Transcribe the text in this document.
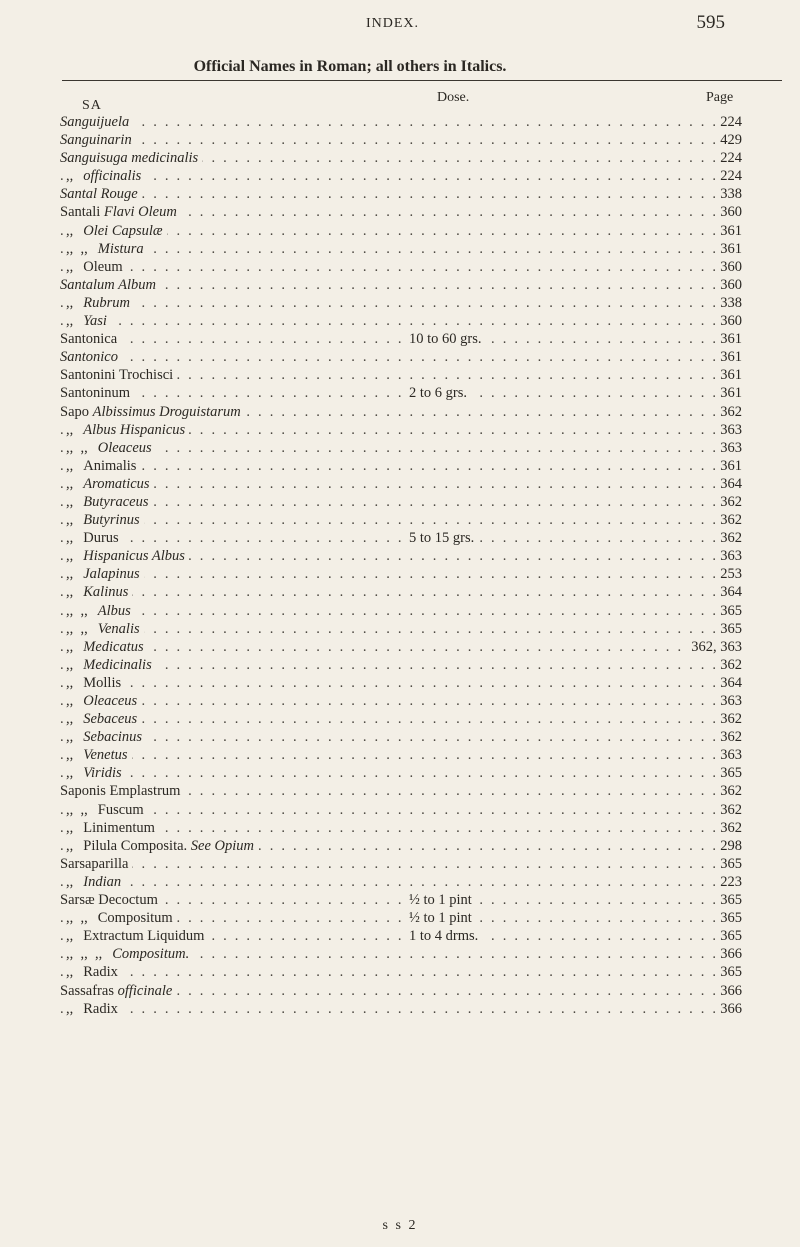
INDEX.	595
Official Names in Roman; all others in Italics.
SA
Dose.	Page
. . .
Sanguijuela	224
. . .
Sanguinarin	429
. . .
Sanguisuga medicinalis	224
. . .
,, officinalis	224
. . .
Santal Rouge	338
. . .
Santali Flavi Oleum	360
. . .
,, Olei Capsulæ	361
. . .
,,  ,, Mistura	361
. . .
,, Oleum	360
. . .
Santalum Album	360
. . .
,, Rubrum	338
. . .
,, Yasi	360
. . .
Santonica	10 to 60 grs.	361
. . .
Santonico	361
. . .
Santonini Trochisci	361
. . .
Santoninum	2 to 6 grs.	361
. . .
Sapo Albissimus Droguistarum	362
. . .
,, Albus Hispanicus	363
. . .
,,  ,, Oleaceus	363
. . .
,, Animalis	361
. . .
,, Aromaticus	364
. . .
,, Butyraceus	362
. . .
,, Butyrinus	362
. . .
,, Durus	5 to 15 grs.	362
. . .
,, Hispanicus Albus	363
. . .
,, Jalapinus	253
. . .
,, Kalinus	364
. . .
,,  ,, Albus	365
. . .
,,  ,, Venalis	365
. . .
,, Medicatus	362, 363
. . .
,, Medicinalis	362
. . .
,, Mollis	364
. . .
,, Oleaceus	363
. . .
,, Sebaceus	362
. . .
,, Sebacinus	362
. . .
,, Venetus	363
. . .
,, Viridis	365
. . .
Saponis Emplastrum	362
. . .
,,  ,, Fuscum	362
. . .
,, Linimentum	362
. . .
,, Pilula Composita. See Opium	298
. . .
Sarsaparilla	365
. . .
,, Indian	223
. . .
Sarsæ Decoctum	½ to 1 pint	365
. . .
,,  ,, Compositum	½ to 1 pint	365
. . .
,, Extractum Liquidum	1 to 4 drms.	365
. . .
,,  ,,  ,, Compositum.	366
. . .
,, Radix	365
. . .
Sassafras officinale	366
. . .
,, Radix	366
s s 2
